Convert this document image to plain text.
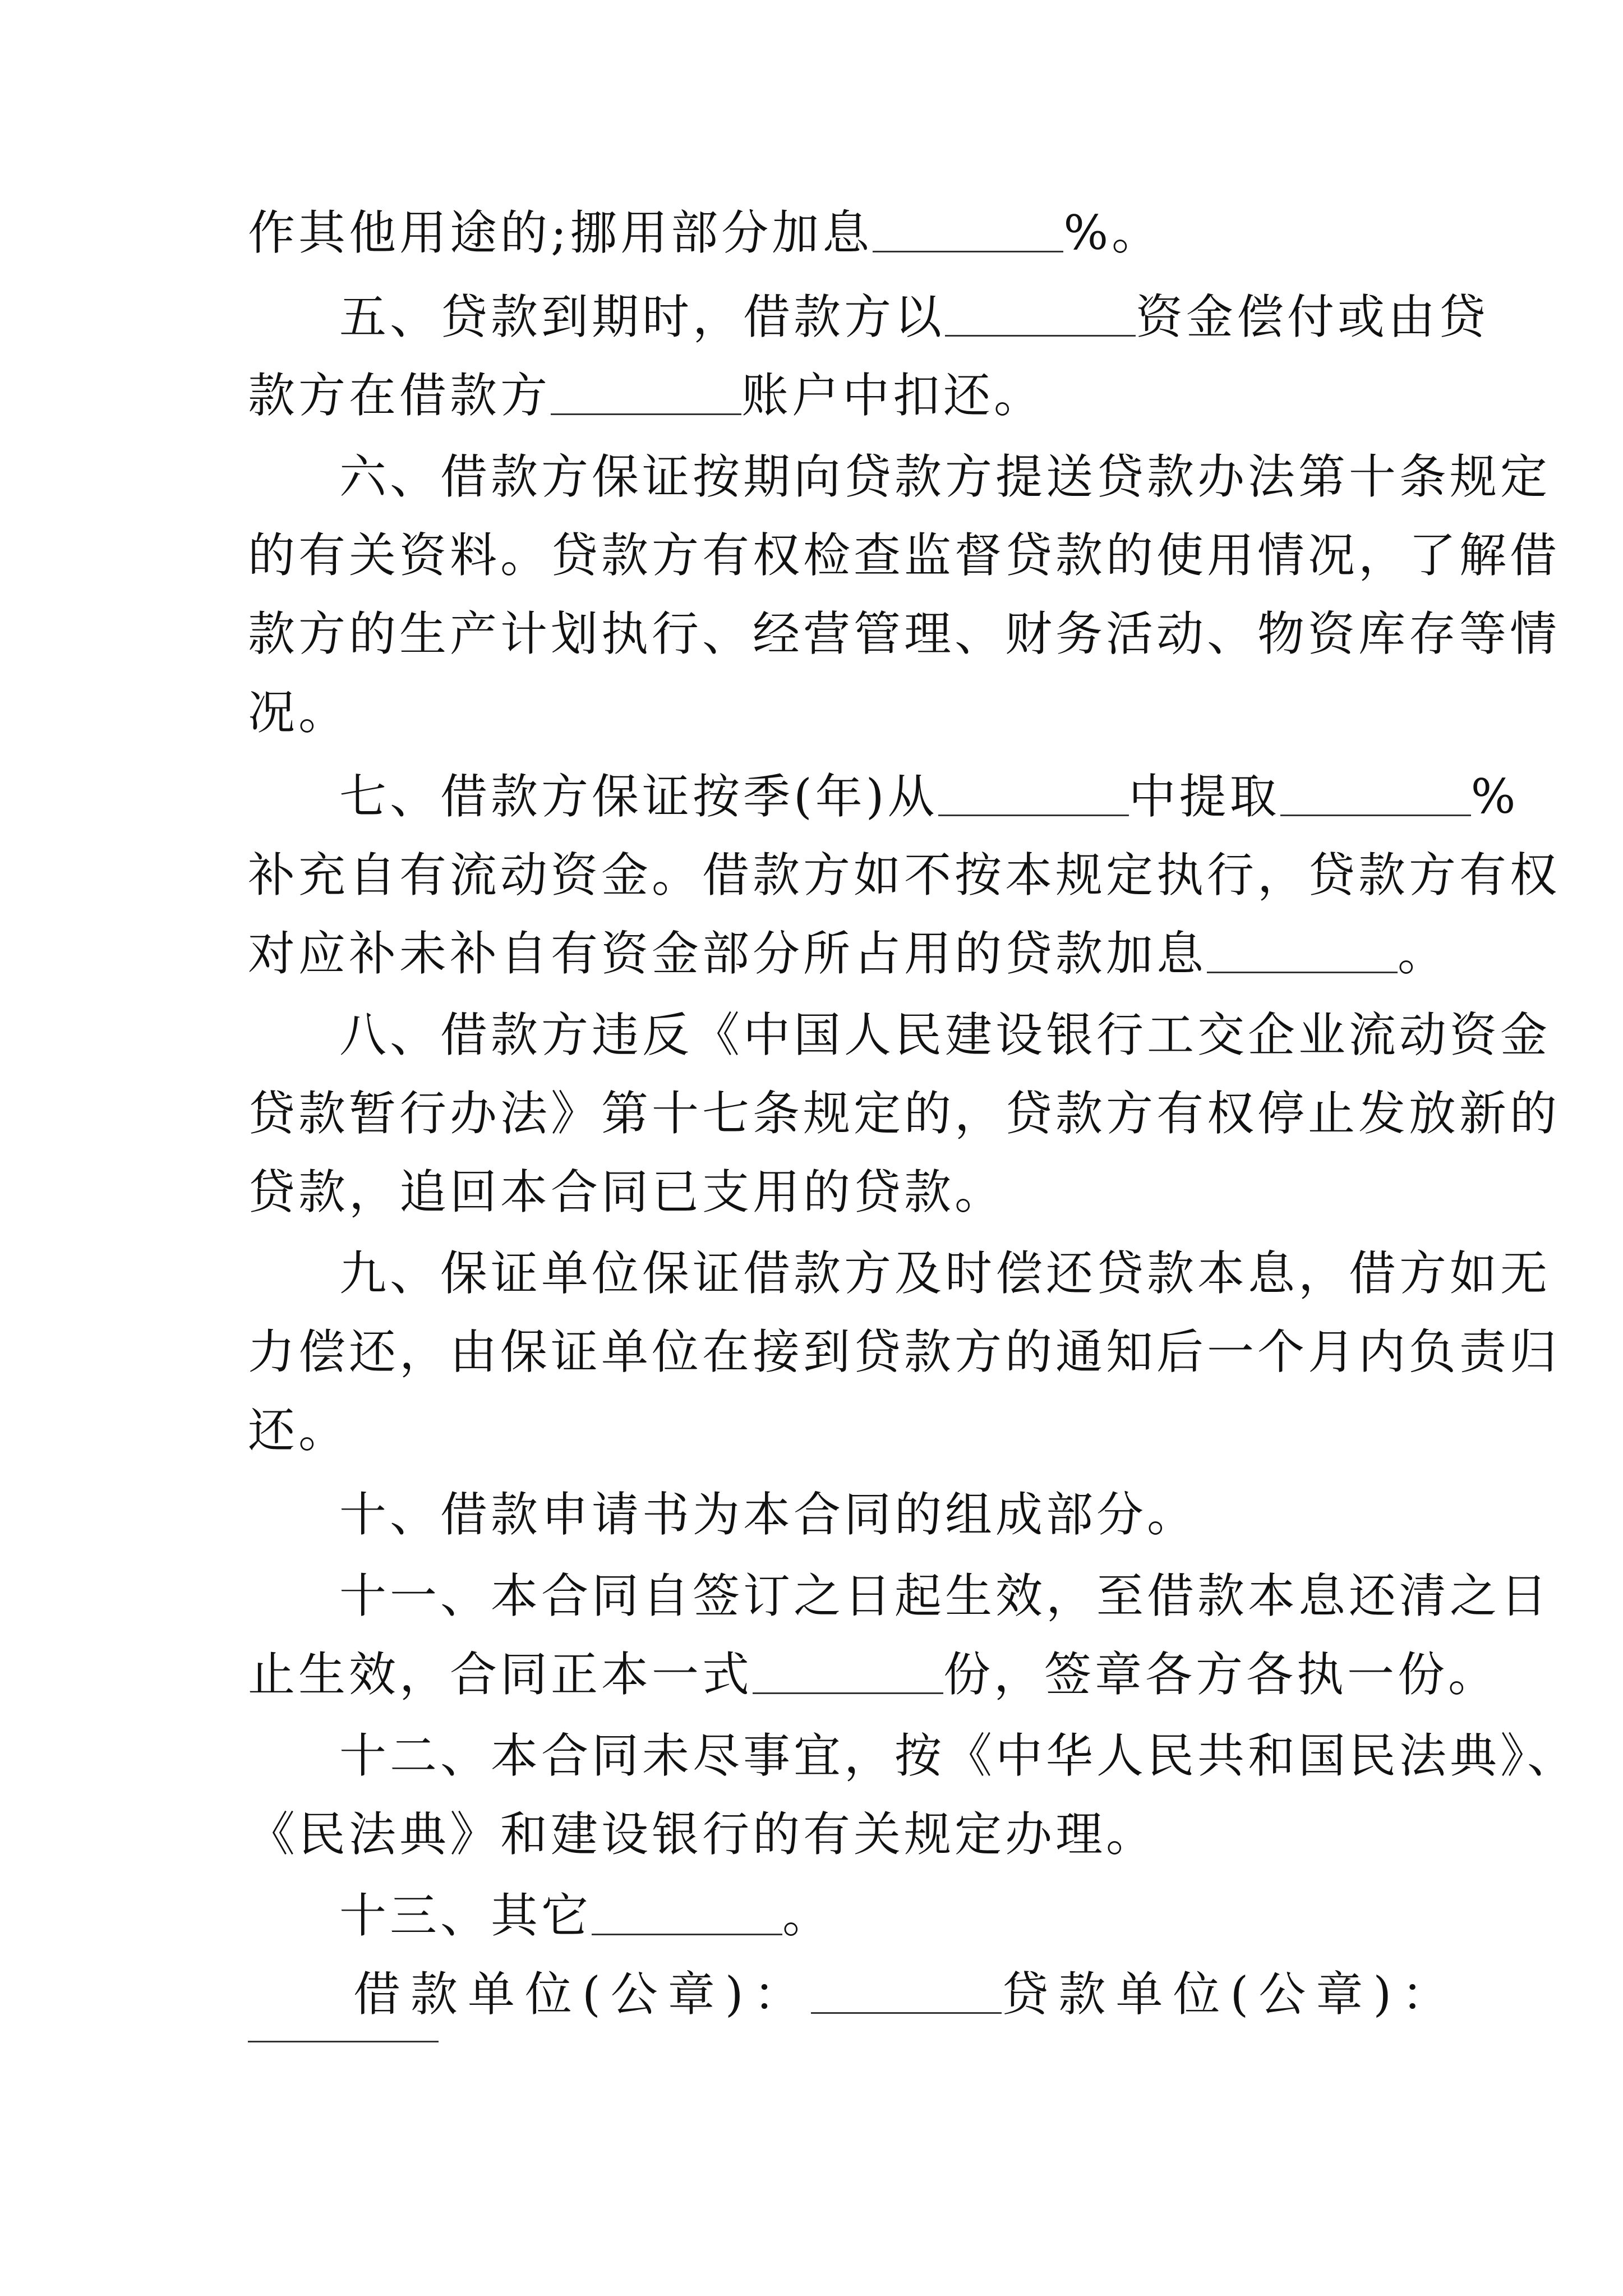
作其他用途的;挪用部分加息	%。
五、贷款到期时，借款方以	资金偿付或由贷
款方在借款方	账户中扣还。
六、借款方保证按期向贷款方提送贷款办法第十条规定
的有关资料。贷款方有权检查监督贷款的使用情况，了解借
款方的生产计划执行、经营管理、财务活动、物资库存等情
况。
七、借款方保证按季(年)从	中提取	%
补充自有流动资金。借款方如不按本规定执行，贷款方有权
对应补未补自有资金部分所占用的贷款加息	。
八、借款方违反《中国人民建设银行工交企业流动资金
贷款暂行办法》第十七条规定的，贷款方有权停止发放新的
贷款，追回本合同已支用的贷款。
九、保证单位保证借款方及时偿还贷款本息，借方如无
力偿还，由保证单位在接到贷款方的通知后一个月内负责归
还。
十、借款申请书为本合同的组成部分。
十一、本合同自签订之日起生效，至借款本息还清之日
止生效，合同正本一式	份，签章各方各执一份。
十二、本合同未尽事宜，按《中华人民共和国民法典》、
《民法典》和建设银行的有关规定办理。
十三、其它	。
借款单位(公章)：	贷款单位(公章)：
